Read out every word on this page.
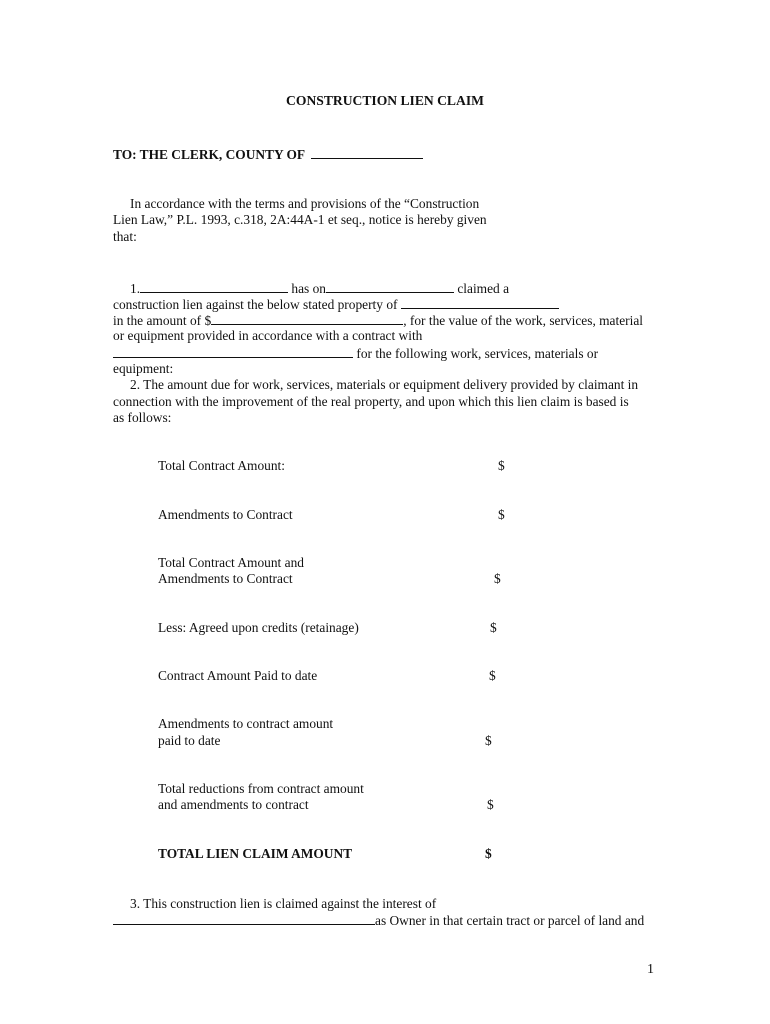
CONSTRUCTION LIEN CLAIM
TO: THE CLERK, COUNTY OF
In accordance with the terms and provisions of the “Construction
Lien Law,” P.L. 1993, c.318, 2A:44A-1 et seq., notice is hereby given
that:
1.	has on	claimed a
construction lien against the below stated property of
in the amount of $	, for the value of the work, services, material
or equipment provided in accordance with a contract with
for the following work, services, materials or
equipment:
2. The amount due for work, services, materials or equipment delivery provided by claimant in
connection with the improvement of the real property, and upon which this lien claim is based is
as follows:
Total Contract Amount:	$
Amendments to Contract	$
Total Contract Amount and
Amendments to Contract	$
Less: Agreed upon credits (retainage)	$
Contract Amount Paid to date	$
Amendments to contract amount
paid to date	$
Total reductions from contract amount
and amendments to contract	$
TOTAL LIEN CLAIM AMOUNT	$
3. This construction lien is claimed against the interest of
as Owner in that certain tract or parcel of land and
1
